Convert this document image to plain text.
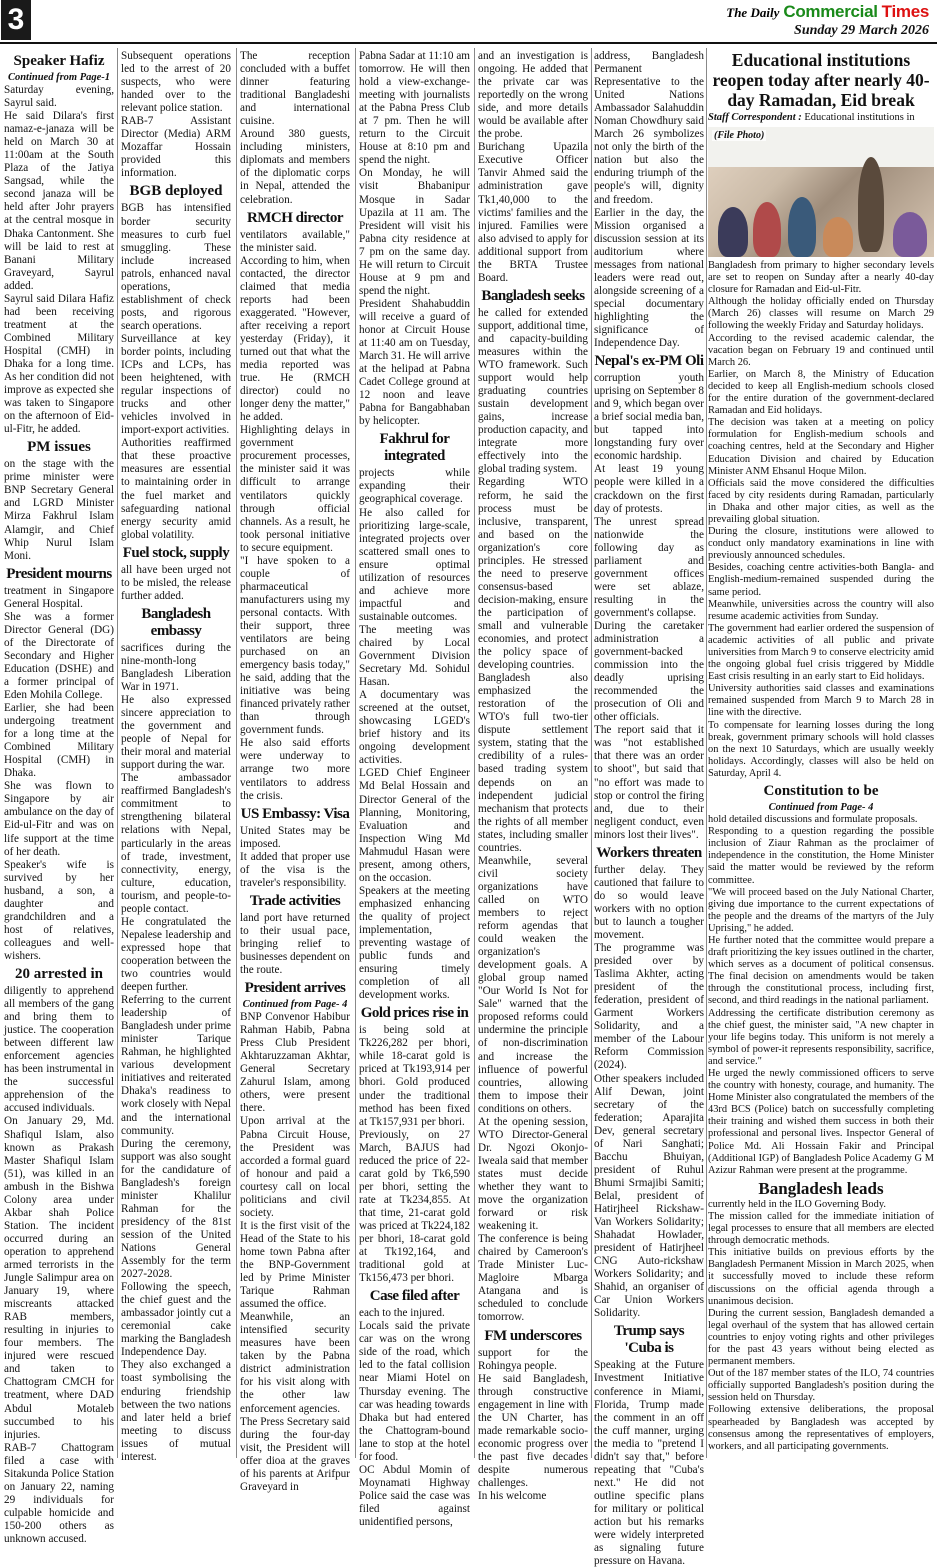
3	The Daily Commercial Times
Sunday 29 March 2026
Speaker Hafiz
Continued from Page-1

Saturday evening, Sayrul said.

He said Dilara's first namaz-e-janaza will be held on March 30 at 11:00am at the South Plaza of the Jatiya Sangsad, while the second janaza will be held after Johr prayers at the central mosque in Dhaka Cantonment. She will be laid to rest at Banani Military Graveyard, Sayrul added.

Sayrul said Dilara Hafiz had been receiving treatment at the Combined Military Hospital (CMH) in Dhaka for a long time. As her condition did not improve as expected she was taken to Singapore on the afternoon of Eid-ul-Fitr, he added.

PM issues

on the stage with the prime minister were BNP Secretary General and LGRD Minister Mirza Fakhrul Islam Alamgir, and Chief Whip Nurul Islam Moni.

President mourns

treatment in Singapore General Hospital.

She was a former Director General (DG) of the Directorate of Secondary and Higher Education (DSHE) and a former principal of Eden Mohila College.

Earlier, she had been undergoing treatment for a long time at the Combined Military Hospital (CMH) in Dhaka.

She was flown to Singapore by air ambulance on the day of Eid-ul-Fitr and was on life support at the time of her death.

Speaker's wife is survived by her husband, a son, a daughter and grandchildren and a host of relatives, colleagues and well-wishers.

20 arrested in

diligently to apprehend all members of the gang and bring them to justice. The cooperation between different law enforcement agencies has been instrumental in the successful apprehension of the accused individuals.

On January 29, Md. Shafiqul Islam, also known as Prakash Master Shafiqul Islam (51), was killed in an ambush in the Bishwa Colony area under Akbar shah Police Station. The incident occurred during an operation to apprehend armed terrorists in the Jungle Salimpur area on January 19, where miscreants attacked RAB members, resulting in injuries to four members. The injured were rescued and taken to Chattogram CMCH for treatment, where DAD Abdul Motaleb succumbed to his injuries.

RAB-7 Chattogram filed a case with Sitakunda Police Station on January 22, naming 29 individuals for culpable homicide and 150-200 others as unknown accused.

Subsequent operations led to the arrest of 20 suspects, who were handed over to the relevant police station.

RAB-7 Assistant Director (Media) ARM Mozaffar Hossain provided this information.

BGB deployed

BGB has intensified border security measures to curb fuel smuggling. These include increased patrols, enhanced naval operations, establishment of check posts, and rigorous search operations.

Surveillance at key border points, including ICPs and LCPs, has been heightened, with regular inspections of trucks and other vehicles involved in import-export activities.

Authorities reaffirmed that these proactive measures are essential to maintaining order in the fuel market and safeguarding national energy security amid global volatility.

Fuel stock, supply

all have been urged not to be misled, the release further added.

Bangladesh embassy

sacrifices during the nine-month-long Bangladesh Liberation War in 1971.

He also expressed sincere appreciation to the government and people of Nepal for their moral and material support during the war.

The ambassador reaffirmed Bangladesh's commitment to strengthening bilateral relations with Nepal, particularly in the areas of trade, investment, connectivity, energy, culture, education, tourism, and people-to-people contact.

He congratulated the Nepalese leadership and expressed hope that cooperation between the two countries would deepen further.

Referring to the current leadership of Bangladesh under prime minister Tarique Rahman, he highlighted various development initiatives and reiterated Dhaka's readiness to work closely with Nepal and the international community.

During the ceremony, support was also sought for the candidature of Bangladesh's foreign minister Khalilur Rahman for the presidency of the 81st session of the United Nations General Assembly for the term 2027-2028.

Following the speech, the chief guest and the ambassador jointly cut a ceremonial cake marking the Bangladesh Independence Day.

They also exchanged a toast symbolising the enduring friendship between the two nations and later held a brief meeting to discuss issues of mutual interest.

The reception concluded with a buffet dinner featuring traditional Bangladeshi and international cuisine.

Around 380 guests, including ministers, diplomats and members of the diplomatic corps in Nepal, attended the celebration.

RMCH director

ventilators available," the minister said.

According to him, when contacted, the director claimed that media reports had been exaggerated. "However, after receiving a report yesterday (Friday), it turned out that what the media reported was true. He (RMCH director) could no longer deny the matter," he added.

Highlighting delays in government procurement processes, the minister said it was difficult to arrange ventilators quickly through official channels. As a result, he took personal initiative to secure equipment.

"I have spoken to a couple of pharmaceutical manufacturers using my personal contacts. With their support, three ventilators are being purchased on an emergency basis today," he said, adding that the initiative was being financed privately rather than through government funds.

He also said efforts were underway to arrange two more ventilators to address the crisis.

US Embassy: Visa

United States may be imposed.

It added that proper use of the visa is the traveler's responsibility.

Trade activities

land port have returned to their usual pace, bringing relief to businesses dependent on the route.

President arrives
Continued from Page- 4

BNP Convenor Habibur Rahman Habib, Pabna Press Club President Akhtaruzzaman Akhtar, General Secretary Zahurul Islam, among others, were present there.

Upon arrival at the Pabna Circuit House, the President was accorded a formal guard of honour and paid a courtesy call on local politicians and civil society.

It is the first visit of the Head of the State to his home town Pabna after the BNP-Government led by Prime Minister Tarique Rahman assumed the office.

Meanwhile, an intensified security measures have been taken by the Pabna district administration for his visit along with the other law enforcement agencies.

The Press Secretary said during the four-day visit, the President will offer dioa at the graves of his parents at Arifpur Graveyard in

Pabna Sadar at 11:10 am tomorrow. He will then hold a view-exchange-meeting with journalists at the Pabna Press Club at 7 pm. Then he will return to the Circuit House at 8:10 pm and spend the night.

On Monday, he will visit Bhabanipur Mosque in Sadar Upazila at 11 am. The President will visit his Pabna city residence at 7 pm on the same day. He will return to Circuit House at 9 pm and spend the night.

President Shahabuddin will receive a guard of honor at Circuit House at 11:40 am on Tuesday, March 31. He will arrive at the helipad at Pabna Cadet College ground at 12 noon and leave Pabna for Bangabhaban by helicopter.

Fakhrul for integrated

projects while expanding their geographical coverage.

He also called for prioritizing large-scale, integrated projects over scattered small ones to ensure optimal utilization of resources and achieve more impactful and sustainable outcomes.

The meeting was chaired by Local Government Division Secretary Md. Sohidul Hasan.

A documentary was screened at the outset, showcasing LGED's brief history and its ongoing development activities.

LGED Chief Engineer Md Belal Hossain and Director General of the Planning, Monitoring, Evaluation and Inspection Wing Md Mahmudul Hasan were present, among others, on the occasion.

Speakers at the meeting emphasized enhancing the quality of project implementation, preventing wastage of public funds and ensuring timely completion of all development works.

Gold prices rise in

is being sold at Tk226,282 per bhori, while 18-carat gold is priced at Tk193,914 per bhori. Gold produced under the traditional method has been fixed at Tk157,931 per bhori.

Previously, on 27 March, BAJUS had reduced the price of 22-carat gold by Tk6,590 per bhori, setting the rate at Tk234,855. At that time, 21-carat gold was priced at Tk224,182 per bhori, 18-carat gold at Tk192,164, and traditional gold at Tk156,473 per bhori.

Case filed after

each to the injured.

Locals said the private car was on the wrong side of the road, which led to the fatal collision near Miami Hotel on Thursday evening. The car was heading towards Dhaka but had entered the Chattogram-bound lane to stop at the hotel for food.

OC Abdul Momin of Moynamati Highway Police said the case was filed against unidentified persons,

and an investigation is ongoing. He added that the private car was reportedly on the wrong side, and more details would be available after the probe.

Burichang Upazila Executive Officer Tanvir Ahmed said the administration gave Tk1,40,000 to the victims' families and the injured. Families were also advised to apply for additional support from the BRTA Trustee Board.

Bangladesh seeks

he called for extended support, additional time, and capacity-building measures within the WTO framework. Such support would help graduating countries sustain development gains, increase production capacity, and integrate more effectively into the global trading system.

Regarding WTO reform, he said the process must be inclusive, transparent, and based on the organization's core principles. He stressed the need to preserve consensus-based decision-making, ensure the participation of small and vulnerable economies, and protect the policy space of developing countries.

Bangladesh also emphasized the restoration of the WTO's full two-tier dispute settlement system, stating that the credibility of a rules-based trading system depends on an independent judicial mechanism that protects the rights of all member states, including smaller countries.

Meanwhile, several civil society organizations have called on WTO members to reject reform agendas that could weaken the organization's development goals. A global group named "Our World Is Not for Sale" warned that the proposed reforms could undermine the principle of non-discrimination and increase the influence of powerful countries, allowing them to impose their conditions on others.

At the opening session, WTO Director-General Dr. Ngozi Okonjo-Iweala said that member states must decide whether they want to move the organization forward or risk weakening it.

The conference is being chaired by Cameroon's Trade Minister Luc-Magloire Mbarga Atangana and is scheduled to conclude tomorrow.

FM underscores

support for the Rohingya people.

He said Bangladesh, through constructive engagement in line with the UN Charter, has made remarkable socio-economic progress over the past five decades despite numerous challenges.

In his welcome

address, Bangladesh Permanent Representative to the United Nations Ambassador Salahuddin Noman Chowdhury said March 26 symbolizes not only the birth of the nation but also the enduring triumph of the people's will, dignity and freedom.

Earlier in the day, the Mission organised a discussion session at its auditorium where messages from national leaders were read out, alongside screening of a special documentary highlighting the significance of Independence Day.

Nepal's ex-PM Oli

corruption youth uprising on September 8 and 9, which began over a brief social media ban, but tapped into longstanding fury over economic hardship.

At least 19 young people were killed in a crackdown on the first day of protests.

The unrest spread nationwide the following day as parliament and government offices were set ablaze, resulting in the government's collapse.

During the caretaker administration a government-backed commission into the deadly uprising recommended the prosecution of Oli and other officials.

The report said that it was "not established that there was an order to shoot", but said that "no effort was made to stop or control the firing and, due to their negligent conduct, even minors lost their lives".

Workers threaten

further delay. They cautioned that failure to do so would leave workers with no option but to launch a tougher movement.

The programme was presided over by Taslima Akhter, acting president of the federation, president of Garment Workers Solidarity, and a member of the Labour Reform Commission (2024).

Other speakers included Alif Dewan, joint secretary of the federation; Aparajita Dev, general secretary of Nari Sanghati; Bacchu Bhuiyan, president of Ruhul Bhumi Srmajibi Samiti; Belal, president of Hatirjheel Rickshaw-Van Workers Solidarity; Shahadat Howlader, president of Hatirjheel CNG Auto-rickshaw Workers Solidarity; and Shahid, an organiser of Car Union Workers Solidarity.

Trump says 'Cuba is

Speaking at the Future Investment Initiative conference in Miami, Florida, Trump made the comment in an off the cuff manner, urging the media to "pretend I didn't say that," before repeating that "Cuba's next." He did not outline specific plans for military or political action but his remarks were widely interpreted as signaling future pressure on Havana.

Educational institutions reopen today after nearly 40-day Ramadan, Eid break
Staff Correspondent : Educational institutions in
(File Photo)

Bangladesh from primary to higher secondary levels are set to reopen on Sunday after a nearly 40-day closure for Ramadan and Eid-ul-Fitr.

Although the holiday officially ended on Thursday (March 26) classes will resume on March 29 following the weekly Friday and Saturday holidays.

According to the revised academic calendar, the vacation began on February 19 and continued until March 26.

Earlier, on March 8, the Ministry of Education decided to keep all English-medium schools closed for the entire duration of the government-declared Ramadan and Eid holidays.

The decision was taken at a meeting on policy formulation for English-medium schools and coaching centres, held at the Secondary and Higher Education Division and chaired by Education Minister ANM Ehsanul Hoque Milon.

Officials said the move considered the difficulties faced by city residents during Ramadan, particularly in Dhaka and other major cities, as well as the prevailing global situation.

During the closure, institutions were allowed to conduct only mandatory examinations in line with previously announced schedules.

Besides, coaching centre activities-both Bangla- and English-medium-remained suspended during the same period.

Meanwhile, universities across the country will also resume academic activities from Sunday.

The government had earlier ordered the suspension of academic activities of all public and private universities from March 9 to conserve electricity amid the ongoing global fuel crisis triggered by Middle East crisis resulting in an early start to Eid holidays.

University authorities said classes and examinations remained suspended from March 9 to March 28 in line with the directive.

To compensate for learning losses during the long break, government primary schools will hold classes on the next 10 Saturdays, which are usually weekly holidays. Accordingly, classes will also be held on Saturday, April 4.

Constitution to be
Continued from Page- 4

hold detailed discussions and formulate proposals.

Responding to a question regarding the possible inclusion of Ziaur Rahman as the proclaimer of independence in the constitution, the Home Minister said the matter would be reviewed by the reform committee.

"We will proceed based on the July National Charter, giving due importance to the current expectations of the people and the dreams of the martyrs of the July Uprising," he added.

He further noted that the committee would prepare a draft prioritizing the key issues outlined in the charter, which serves as a document of political consensus. The final decision on amendments would be taken through the constitutional process, including first, second, and third readings in the national parliament.

Addressing the certificate distribution ceremony as the chief guest, the minister said, "A new chapter in your life begins today. This uniform is not merely a symbol of power-it represents responsibility, sacrifice, and service."

He urged the newly commissioned officers to serve the country with honesty, courage, and humanity. The Home Minister also congratulated the members of the 43rd BCS (Police) batch on successfully completing their training and wished them success in both their professional and personal lives. Inspector General of Police Md. Ali Hossain Fakir and Principal (Additional IGP) of Bangladesh Police Academy G M Azizur Rahman were present at the programme.

Bangladesh leads

currently held in the ILO Governing Body.

The mission called for the immediate initiation of legal processes to ensure that all members are elected through democratic methods.

This initiative builds on previous efforts by the Bangladesh Permanent Mission in March 2025, when it successfully moved to include these reform discussions on the official agenda through a unanimous decision.

During the current session, Bangladesh demanded a legal overhaul of the system that has allowed certain countries to enjoy voting rights and other privileges for the past 43 years without being elected as permanent members.

Out of the 187 member states of the ILO, 74 countries officially supported Bangladesh's position during the session held on Thursday.

Following extensive deliberations, the proposal spearheaded by Bangladesh was accepted by consensus among the representatives of employers, workers, and all participating governments.
